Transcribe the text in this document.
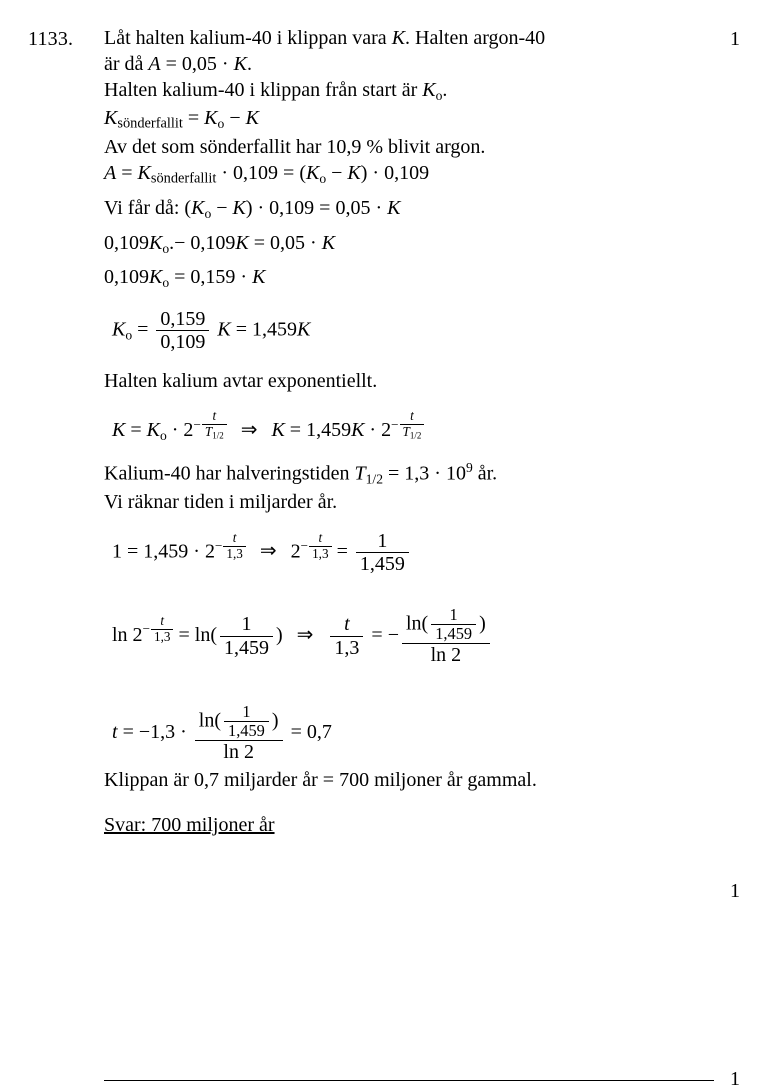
1
1
1
1133. Låt halten kalium-40 i klippan vara K. Halten argon-40
är då A = 0,05 · K.
Halten kalium-40 i klippan från start är $K_o$.
Ksönderfallit = $K_o - K$
Av det som sönderfallit har 10,9 % blivit argon.
A = Ksönderfallit · $0,109 = (K_o - K) \cdot 0,109$
Vi får då: $(K_o - K) \cdot 0,109 = 0,05 \cdot K$
$0,109K_o.- 0,109K = 0,05 \cdot K$
$0,109K_o = 0,159 \cdot K$
$K_o = \frac{0,159}{0,109}$ K = 1,459K
Halten kalium avtar exponentiellt.
$K = K_o \cdot 2- \frac{t}{T_{1/2}}$ ⇒ $K = 1,459K \cdot 2- \frac{t}{T_{1/2}}$
Kalium-40 har halveringstiden $T_{1/2} = 1,3 \cdot 10^9$ år.
Vi räknar tiden i miljarder år.
$1 = 1,459 \cdot 2- \frac{t}{1,3}$ ⇒ $2- \frac{t}{1,3} = \frac{1}{1,459}$
$\ln 2- \frac{t}{1,3} = \ln( \frac{1}{1,459}$ ) ⇒ $\frac{t}{1,3}$ = − $\frac{\ln( \frac{1}{1,459} )}{\ln 2}$
$t = -1,3 \cdot \frac{\ln( \frac{1}{1,459} )}{\ln 2} = 0,7$
Klippan är 0,7 miljarder år = 700 miljoner år gammal.
Svar: 700 miljoner år
